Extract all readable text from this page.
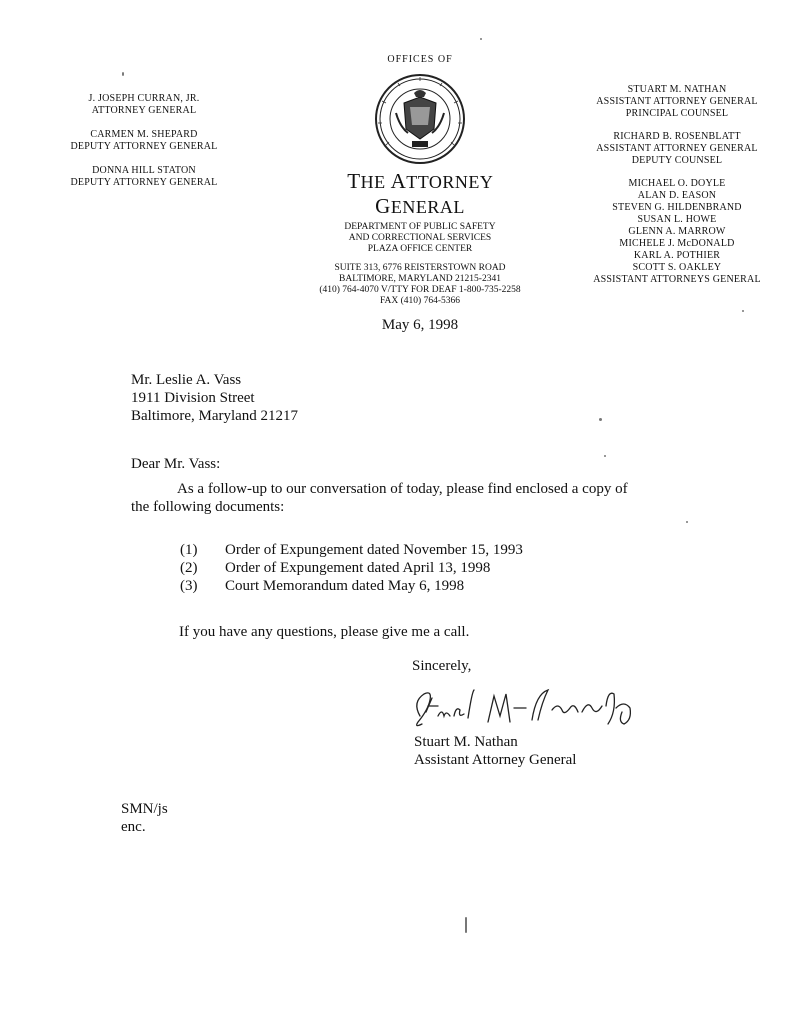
OFFICES OF
THE ATTORNEY GENERAL
DEPARTMENT OF PUBLIC SAFETY
AND CORRECTIONAL SERVICES
PLAZA OFFICE CENTER
SUITE 313, 6776 REISTERSTOWN ROAD
BALTIMORE, MARYLAND 21215-2341
(410) 764-4070 V/TTY FOR DEAF 1-800-735-2258
FAX (410) 764-5366
May 6, 1998
J. JOSEPH CURRAN, JR.
ATTORNEY GENERAL
CARMEN M. SHEPARD
DEPUTY ATTORNEY GENERAL
DONNA HILL STATON
DEPUTY ATTORNEY GENERAL
STUART M. NATHAN
ASSISTANT ATTORNEY GENERAL
PRINCIPAL COUNSEL
RICHARD B. ROSENBLATT
ASSISTANT ATTORNEY GENERAL
DEPUTY COUNSEL
MICHAEL O. DOYLE
ALAN D. EASON
STEVEN G. HILDENBRAND
SUSAN L. HOWE
GLENN A. MARROW
MICHELE J. McDONALD
KARL A. POTHIER
SCOTT S. OAKLEY
ASSISTANT ATTORNEYS GENERAL
Mr. Leslie A. Vass
1911 Division Street
Baltimore, Maryland 21217
Dear Mr. Vass:
As a follow-up to our conversation of today, please find enclosed a copy of
the following documents:
(1)	Order of Expungement dated November 15, 1993
(2)	Order of Expungement dated April 13, 1998
(3)	Court Memorandum dated May 6, 1998
If you have any questions, please give me a call.
Sincerely,
Stuart M. Nathan
Assistant Attorney General
SMN/js
enc.
